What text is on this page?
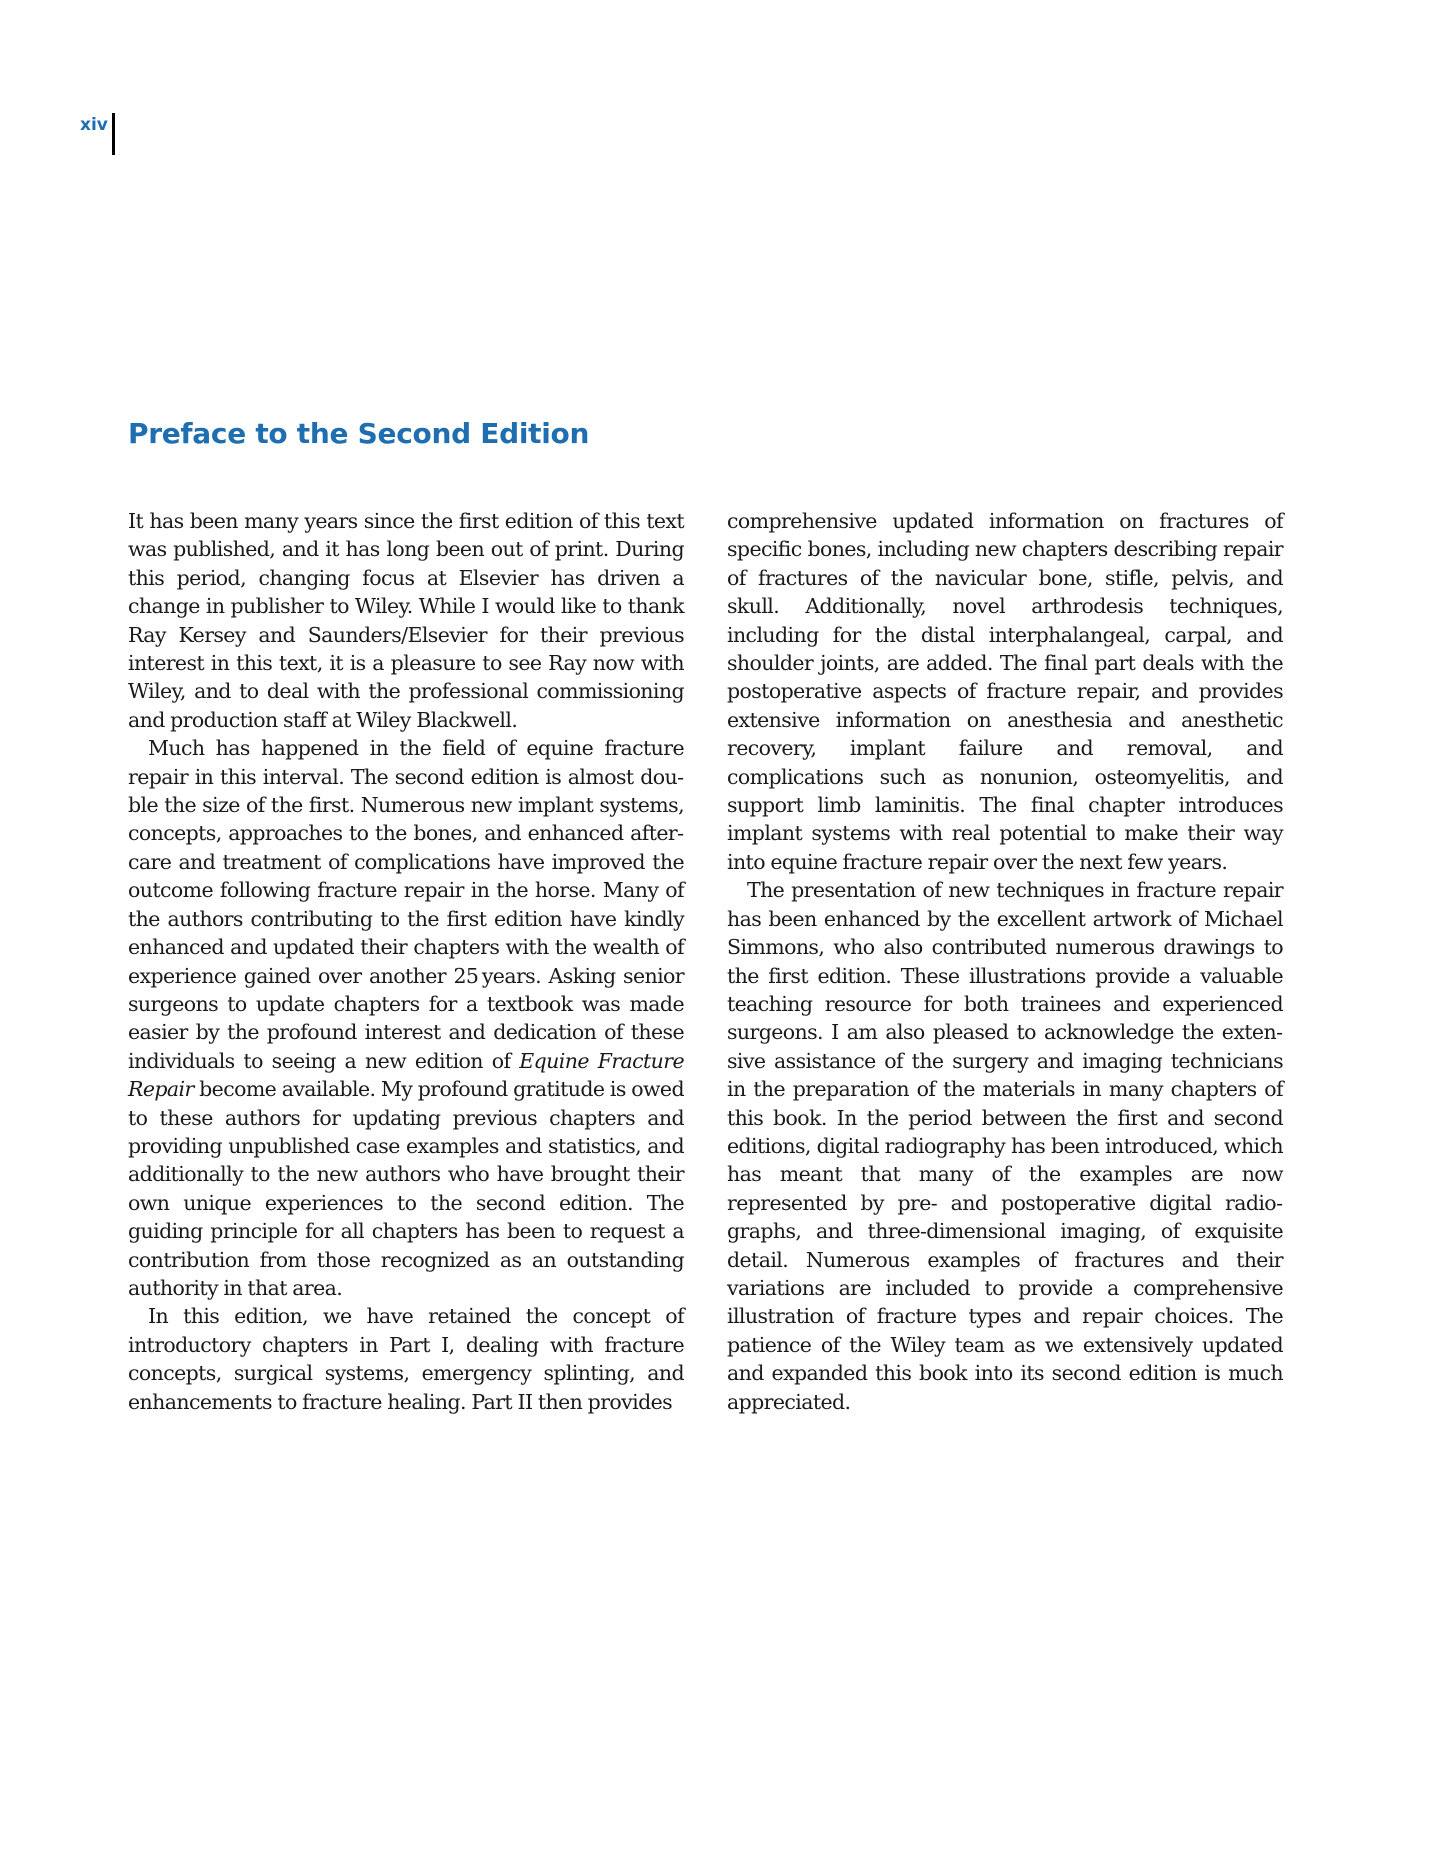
xiv
Preface to the Second Edition

It has been many years since the first edition of this text was published, and it has long been out of print. During this period, changing focus at Elsevier has driven a change in publisher to Wiley. While I would like to thank Ray Kersey and Saunders/Elsevier for their previous interest in this text, it is a pleasure to see Ray now with Wiley, and to deal with the professional commissioning and production staff at Wiley Blackwell.

Much has happened in the field of equine fracture repair in this interval. The second edition is almost double the size of the first. Numerous new implant systems, concepts, approaches to the bones, and enhanced aftercare and treatment of complications have improved the outcome following fracture repair in the horse. Many of the authors contributing to the first edition have kindly enhanced and updated their chapters with the wealth of experience gained over another 25 years. Asking senior surgeons to update chapters for a textbook was made easier by the profound interest and dedication of these individuals to seeing a new edition of Equine Fracture Repair become available. My profound gratitude is owed to these authors for updating previous chapters and providing unpublished case examples and statistics, and additionally to the new authors who have brought their own unique experiences to the second edition. The guiding principle for all chapters has been to request a contribution from those recognized as an outstanding authority in that area.

In this edition, we have retained the concept of introductory chapters in Part I, dealing with fracture concepts, surgical systems, emergency splinting, and enhancements to fracture healing. Part II then provides

comprehensive updated information on fractures of specific bones, including new chapters describing repair of fractures of the navicular bone, stifle, pelvis, and skull. Additionally, novel arthrodesis techniques, including for the distal interphalangeal, carpal, and shoulder joints, are added. The final part deals with the postoperative aspects of fracture repair, and provides extensive information on anesthesia and anesthetic recovery, implant failure and removal, and complications such as nonunion, osteomyelitis, and support limb laminitis. The final chapter introduces implant systems with real potential to make their way into equine fracture repair over the next few years.

The presentation of new techniques in fracture repair has been enhanced by the excellent artwork of Michael Simmons, who also contributed numerous drawings to the first edition. These illustrations provide a valuable teaching resource for both trainees and experienced surgeons. I am also pleased to acknowledge the extensive assistance of the surgery and imaging technicians in the preparation of the materials in many chapters of this book. In the period between the first and second editions, digital radiography has been introduced, which has meant that many of the examples are now represented by pre- and postoperative digital radiographs, and three-dimensional imaging, of exquisite detail. Numerous examples of fractures and their variations are included to provide a comprehensive illustration of fracture types and repair choices. The patience of the Wiley team as we extensively updated and expanded this book into its second edition is much appreciated.
